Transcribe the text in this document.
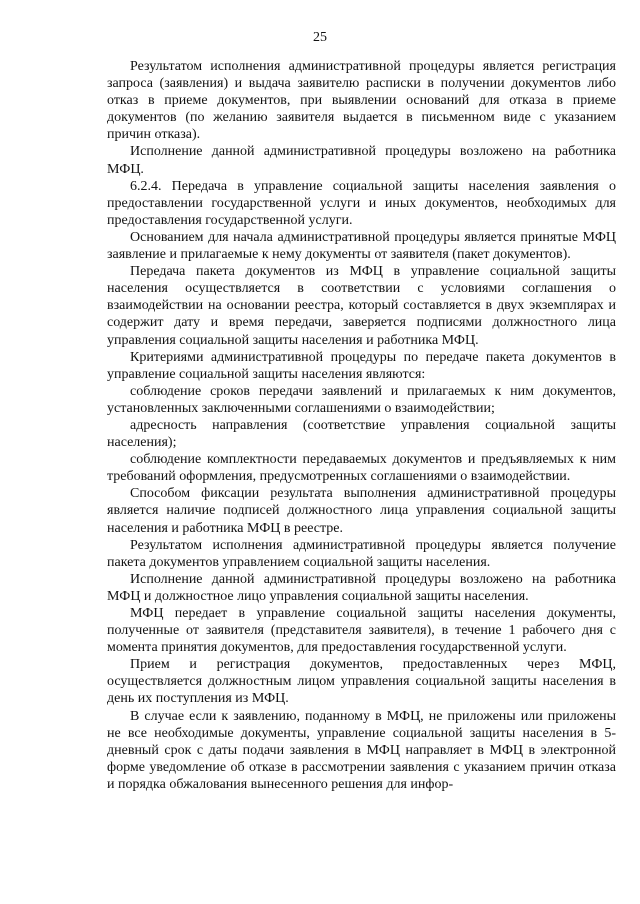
25

Результатом исполнения административной процедуры является регистрация запроса (заявления) и выдача заявителю расписки в получении документов либо отказ в приеме документов, при выявлении оснований для отказа в приеме документов (по желанию заявителя выдается в письменном виде с указанием причин отказа).

Исполнение данной административной процедуры возложено на работника МФЦ.

6.2.4. Передача в управление социальной защиты населения заявления о предоставлении государственной услуги и иных документов, необходимых для предоставления государственной услуги.

Основанием для начала административной процедуры является принятые МФЦ заявление и прилагаемые к нему документы от заявителя (пакет документов).

Передача пакета документов из МФЦ в управление социальной защиты населения осуществляется в соответствии с условиями соглашения о взаимодействии на основании реестра, который составляется в двух экземплярах и содержит дату и время передачи, заверяется подписями должностного лица управления социальной защиты населения и работника МФЦ.

Критериями административной процедуры по передаче пакета документов в управление социальной защиты населения являются:

соблюдение сроков передачи заявлений и прилагаемых к ним документов, установленных заключенными соглашениями о взаимодействии;

адресность направления (соответствие управления социальной защиты населения);

соблюдение комплектности передаваемых документов и предъявляемых к ним требований оформления, предусмотренных соглашениями о взаимодействии.

Способом фиксации результата выполнения административной процедуры является наличие подписей должностного лица управления социальной защиты населения и работника МФЦ в реестре.

Результатом исполнения административной процедуры является получение пакета документов управлением социальной защиты населения.

Исполнение данной административной процедуры возложено на работника МФЦ и должностное лицо управления социальной защиты населения.

МФЦ передает в управление социальной защиты населения документы, полученные от заявителя (представителя заявителя), в течение 1 рабочего дня с момента принятия документов, для предоставления государственной услуги.

Прием и регистрация документов, предоставленных через МФЦ, осуществляется должностным лицом управления социальной защиты населения в день их поступления из МФЦ.

В случае если к заявлению, поданному в МФЦ, не приложены или приложены не все необходимые документы, управление социальной защиты населения в 5-дневный срок с даты подачи заявления в МФЦ направляет в МФЦ в электронной форме уведомление об отказе в рассмотрении заявления с указанием причин отказа и порядка обжалования вынесенного решения для инфор-
